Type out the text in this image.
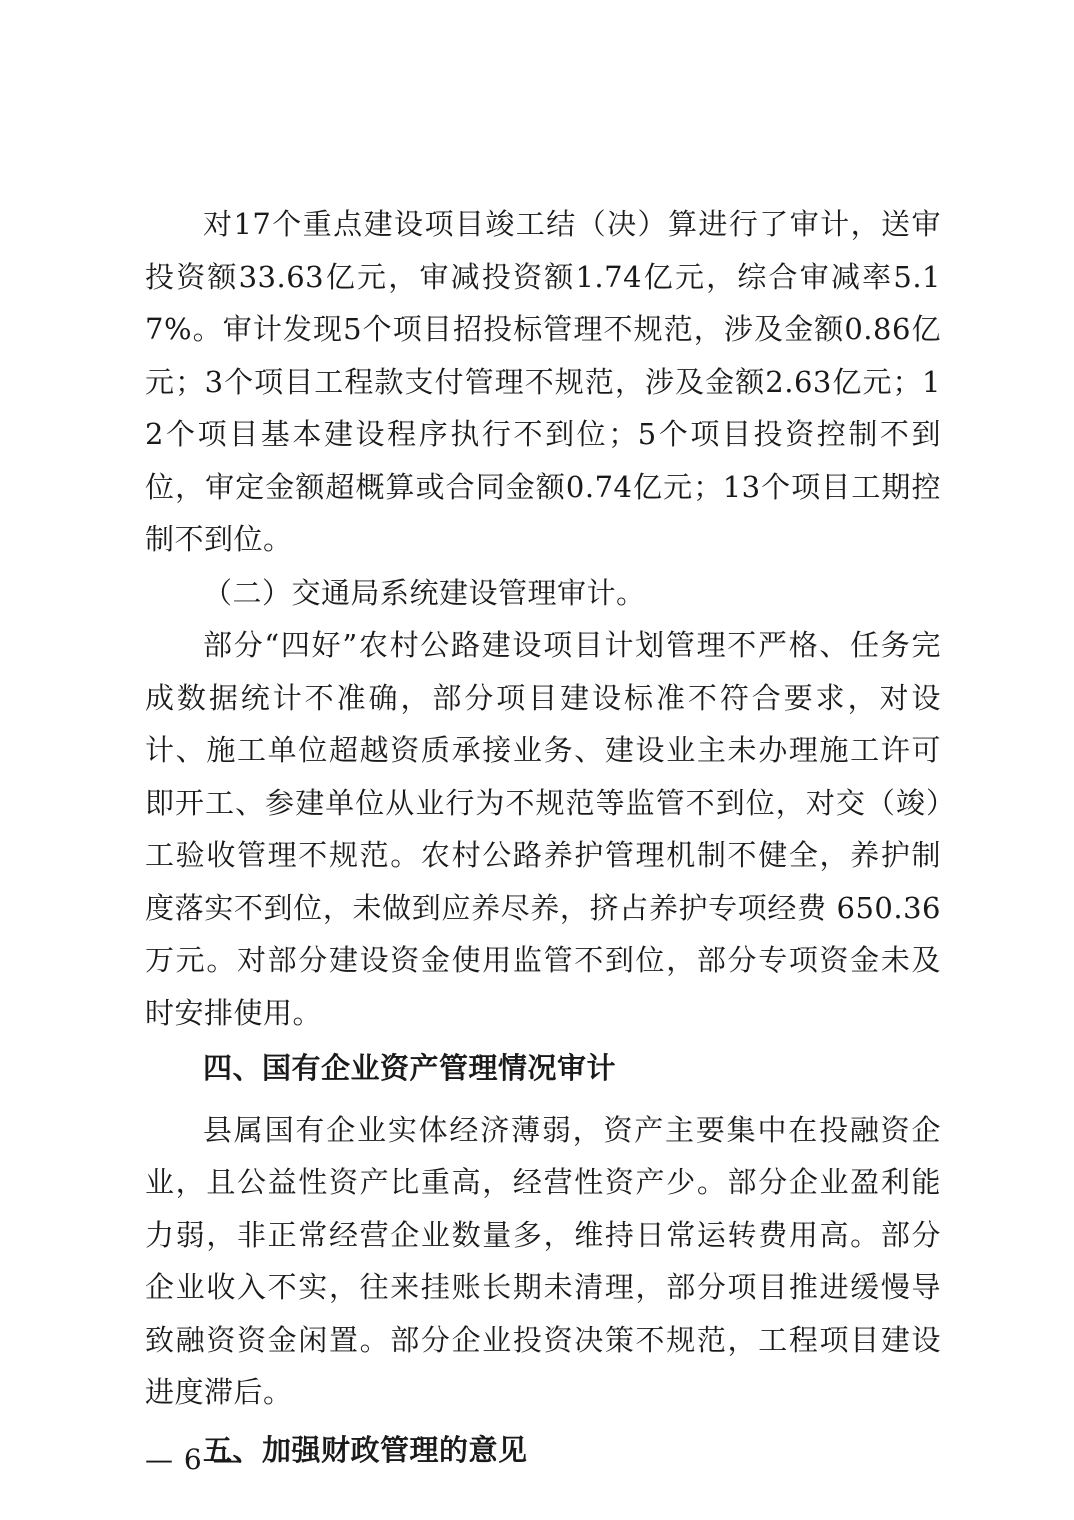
对17个重点建设项目竣工结（决）算进行了审计，送审投资额33.63亿元，审减投资额1.74亿元，综合审减率5.17%。审计发现5个项目招投标管理不规范，涉及金额0.86亿元；3个项目工程款支付管理不规范，涉及金额2.63亿元；12个项目基本建设程序执行不到位；5个项目投资控制不到位，审定金额超概算或合同金额0.74亿元；13个项目工期控制不到位。

（二）交通局系统建设管理审计。

部分“四好”农村公路建设项目计划管理不严格、任务完成数据统计不准确，部分项目建设标准不符合要求，对设计、施工单位超越资质承接业务、建设业主未办理施工许可即开工、参建单位从业行为不规范等监管不到位，对交（竣）工验收管理不规范。农村公路养护管理机制不健全，养护制度落实不到位，未做到应养尽养，挤占养护专项经费 650.36 万元。对部分建设资金使用监管不到位，部分专项资金未及时安排使用。

四、国有企业资产管理情况审计

县属国有企业实体经济薄弱，资产主要集中在投融资企业，且公益性资产比重高，经营性资产少。部分企业盈利能力弱，非正常经营企业数量多，维持日常运转费用高。部分企业收入不实，往来挂账长期未清理，部分项目推进缓慢导致融资资金闲置。部分企业投资决策不规范，工程项目建设进度滞后。

五、加强财政管理的意见

— 6 —
